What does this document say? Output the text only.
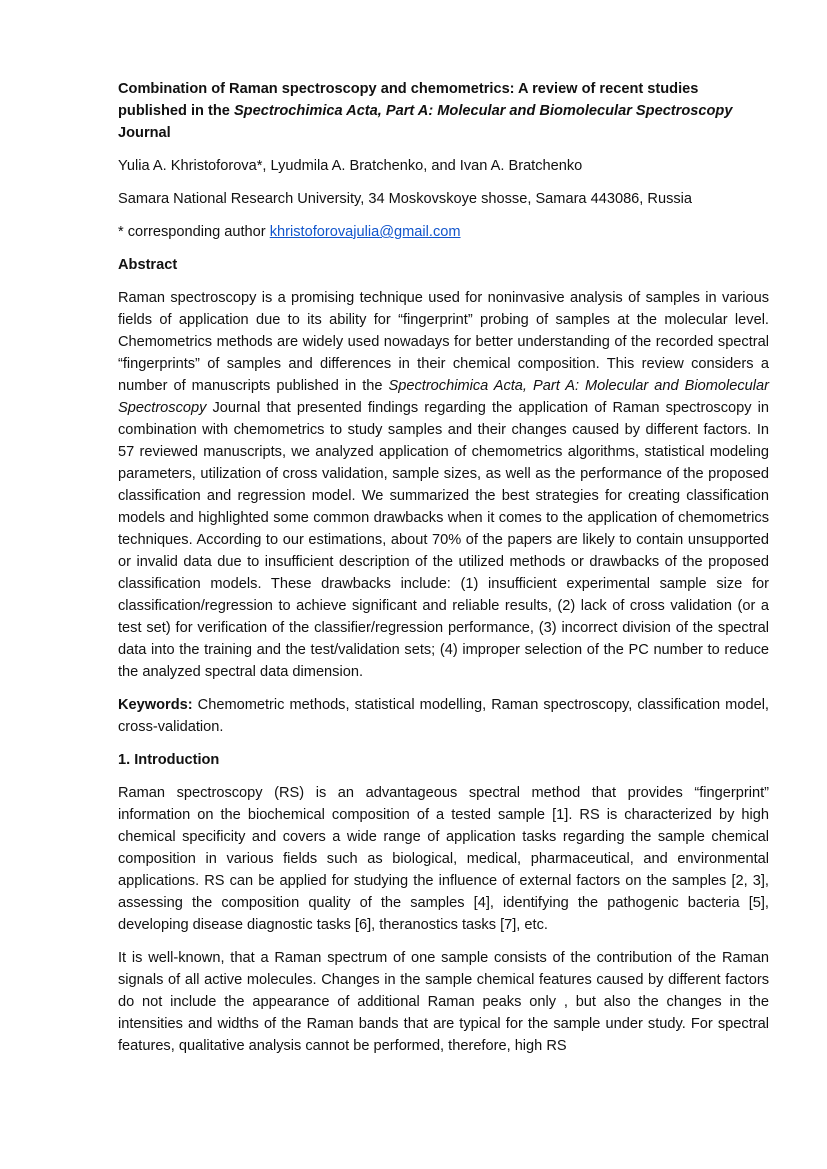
Combination of Raman spectroscopy and chemometrics: A review of recent studies published in the Spectrochimica Acta, Part A: Molecular and Biomolecular Spectroscopy Journal

Yulia A. Khristoforova*, Lyudmila A. Bratchenko, and Ivan A. Bratchenko

Samara National Research University, 34 Moskovskoye shosse, Samara 443086, Russia

* corresponding author khristoforovajulia@gmail.com

Abstract

Raman spectroscopy is a promising technique used for noninvasive analysis of samples in various fields of application due to its ability for “fingerprint” probing of samples at the molecular level. Chemometrics methods are widely used nowadays for better understanding of the recorded spectral “fingerprints” of samples and differences in their chemical composition. This review considers a number of manuscripts published in the Spectrochimica Acta, Part A: Molecular and Biomolecular Spectroscopy Journal that presented findings regarding the application of Raman spectroscopy in combination with chemometrics to study samples and their changes caused by different factors. In 57 reviewed manuscripts, we analyzed application of chemometrics algorithms, statistical modeling parameters, utilization of cross validation, sample sizes, as well as the performance of the proposed classification and regression model. We summarized the best strategies for creating classification models and highlighted some common drawbacks when it comes to the application of chemometrics techniques. According to our estimations, about 70% of the papers are likely to contain unsupported or invalid data due to insufficient description of the utilized methods or drawbacks of the proposed classification models. These drawbacks include: (1) insufficient experimental sample size for classification/regression to achieve significant and reliable results, (2) lack of cross validation (or a test set) for verification of the classifier/regression performance, (3) incorrect division of the spectral data into the training and the test/validation sets; (4) improper selection of the PC number to reduce the analyzed spectral data dimension.

Keywords: Chemometric methods, statistical modelling, Raman spectroscopy, classification model, cross-validation.

1. Introduction

Raman spectroscopy (RS) is an advantageous spectral method that provides “fingerprint” information on the biochemical composition of a tested sample [1]. RS is characterized by high chemical specificity and covers a wide range of application tasks regarding the sample chemical composition in various fields such as biological, medical, pharmaceutical, and environmental applications. RS can be applied for studying the influence of external factors on the samples [2, 3], assessing the composition quality of the samples [4], identifying the pathogenic bacteria [5], developing disease diagnostic tasks [6], theranostics tasks [7], etc.

It is well-known, that a Raman spectrum of one sample consists of the contribution of the Raman signals of all active molecules. Changes in the sample chemical features caused by different factors do not include the appearance of additional Raman peaks only , but also the changes in the intensities and widths of the Raman bands that are typical for the sample under study. For spectral features, qualitative analysis cannot be performed, therefore, high RS
